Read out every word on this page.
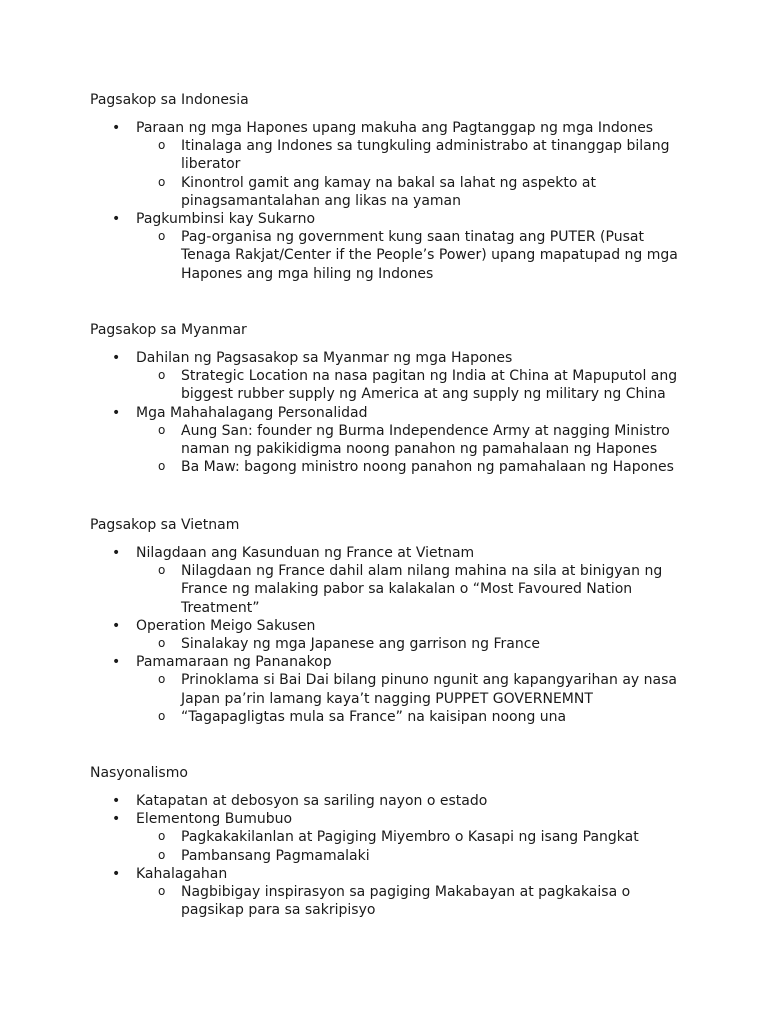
Pagsakop sa Indonesia
• Paraan ng mga Hapones upang makuha ang Pagtanggap ng mga Indones
o Itinalaga ang Indones sa tungkuling administrabo at tinanggap bilang liberator
o Kinontrol gamit ang kamay na bakal sa lahat ng aspekto at pinagsamantalahan ang likas na yaman
• Pagkumbinsi kay Sukarno
o Pag-organisa ng government kung saan tinatag ang PUTER (Pusat Tenaga Rakjat/Center if the People’s Power) upang mapatupad ng mga Hapones ang mga hiling ng Indones
Pagsakop sa Myanmar
• Dahilan ng Pagsasakop sa Myanmar ng mga Hapones
o Strategic Location na nasa pagitan ng India at China at Mapuputol ang biggest rubber supply ng America at ang supply ng military ng China
• Mga Mahahalagang Personalidad
o Aung San: founder ng Burma Independence Army at nagging Ministro naman ng pakikidigma noong panahon ng pamahalaan ng Hapones
o Ba Maw: bagong ministro noong panahon ng pamahalaan ng Hapones
Pagsakop sa Vietnam
• Nilagdaan ang Kasunduan ng France at Vietnam
o Nilagdaan ng France dahil alam nilang mahina na sila at binigyan ng France ng malaking pabor sa kalakalan o “Most Favoured Nation Treatment”
• Operation Meigo Sakusen
o Sinalakay ng mga Japanese ang garrison ng France
• Pamamaraan ng Pananakop
o Prinoklama si Bai Dai bilang pinuno ngunit ang kapangyarihan ay nasa Japan pa’rin lamang kaya’t nagging PUPPET GOVERNEMNT
o “Tagapagligtas mula sa France” na kaisipan noong una
Nasyonalismo
• Katapatan at debosyon sa sariling nayon o estado
• Elementong Bumubuo
o Pagkakakilanlan at Pagiging Miyembro o Kasapi ng isang Pangkat
o Pambansang Pagmamalaki
• Kahalagahan
o Nagbibigay inspirasyon sa pagiging Makabayan at pagkakaisa o pagsikap para sa sakripisyo
